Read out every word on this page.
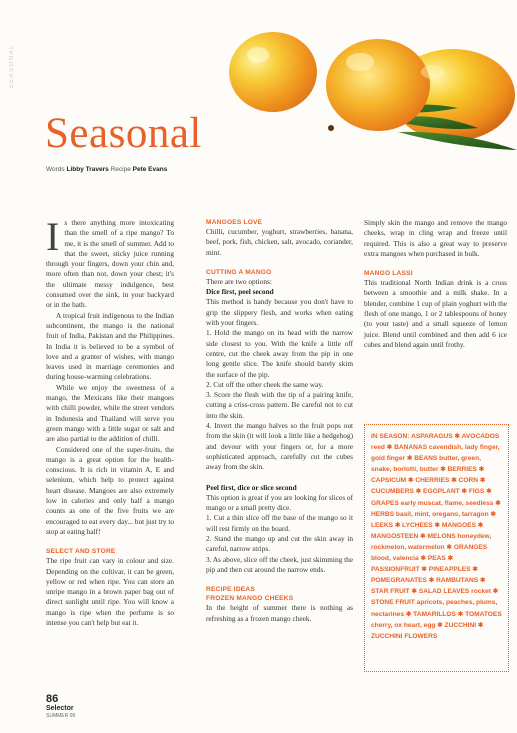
SEASONAL
Seasonal
Words Libby Travers Recipe Pete Evans

Is there anything more intoxicating than the smell of a ripe mango? To me, it is the smell of summer. Add to that the sweet, sticky juice running through your fingers, down your chin and, more often than not, down your chest; it's the ultimate messy indulgence, best consumed over the sink, in your backyard or in the bath.

A tropical fruit indigenous to the Indian subcontinent, the mango is the national fruit of India, Pakistan and the Philippines. In India it is believed to be a symbol of love and a granter of wishes, with mango leaves used in marriage ceremonies and during house-warming celebrations.

While we enjoy the sweetness of a mango, the Mexicans like their mangoes with chilli powder, while the street vendors in Indonesia and Thailand will serve you green mango with a little sugar or salt and are also partial to the addition of chilli.

Considered one of the super-fruits, the mango is a great option for the health-conscious. It is rich in vitamin A, E and selenium, which help to protect against heart disease. Mangoes are also extremely low in calories and only half a mango counts as one of the five fruits we are encouraged to eat every day... but just try to stop at eating half!

SELECT AND STORE

The ripe fruit can vary in colour and size. Depending on the cultivar, it can be green, yellow or red when ripe. You can store an unripe mango in a brown paper bag out of direct sunlight until ripe. You will know a mango is ripe when the perfume is so intense you can't help but eat it.

MANGOES LOVE

Chilli, cucumber, yoghurt, strawberries, banana, beef, pork, fish, chicken, salt, avocado, coriander, mint.

CUTTING A MANGO

There are two options:

Dice first, peel second

This method is handy because you don't have to grip the slippery flesh, and works when eating with your fingers.

1. Hold the mango on its head with the narrow side closest to you. With the knife a little off centre, cut the cheek away from the pip in one long gentle slice. The knife should barely skim the surface of the pip.

2. Cut off the other cheek the same way.

3. Score the flesh with the tip of a pairing knife, cutting a criss-cross pattern. Be careful not to cut into the skin.

4. Invert the mango halves so the fruit pops out from the skin (it will look a little like a hedgehog) and devour with your fingers or, for a more sophisticated approach, carefully cut the cubes away from the skin.

Peel first, dice or slice second

This option is great if you are looking for slices of mango or a small pretty dice.

1. Cut a thin slice off the base of the mango so it will rest firmly on the board.

2. Stand the mango up and cut the skin away in careful, narrow strips.

3. As above, slice off the cheek, just skimming the pip and then cut around the narrow ends.

RECIPE IDEAS
FROZEN MANGO CHEEKS

In the height of summer there is nothing as refreshing as a frozen mango cheek.

Simply skin the mango and remove the mango cheeks, wrap in cling wrap and freeze until required. This is also a great way to preserve extra mangoes when purchased in bulk.

MANGO LASSI

This traditional North Indian drink is a cross between a smoothie and a milk shake. In a blender, combine 1 cup of plain yoghurt with the flesh of one mango, 1 or 2 tablespoons of honey (to your taste) and a small squeeze of lemon juice. Blend until combined and then add 6 ice cubes and blend again until frothy.

IN SEASON: ASPARAGUS ✱ AVOCADOS reed ✱ BANANAS cavendish, lady finger, gold finger ✱ BEANS butter, green, snake, borlotti, butter ✱ BERRIES ✱ CAPSICUM ✱ CHERRIES ✱ CORN ✱ CUCUMBERS ✱ EGGPLANT ✱ FIGS ✱ GRAPES early muscat, flame, seedless ✱ HERBS basil, mint, oregano, tarragon ✱ LEEKS ✱ LYCHEES ✱ MANGOES ✱ MANGOSTEEN ✱ MELONS honeydew, rockmelon, watermelon ✱ ORANGES blood, valencia ✱ PEAS ✱ PASSIONFRUIT ✱ PINEAPPLES ✱ POMEGRANATES ✱ RAMBUTANS ✱ STAR FRUIT ✱ SALAD LEAVES rocket ✱ STONE FRUIT apricots, peaches, plums, nectarines ✱ TAMARILLOS ✱ TOMATOES cherry, ox heart, egg ✱ ZUCCHINI ✱ ZUCCHINI FLOWERS
86
Selector
SUMMER 09
